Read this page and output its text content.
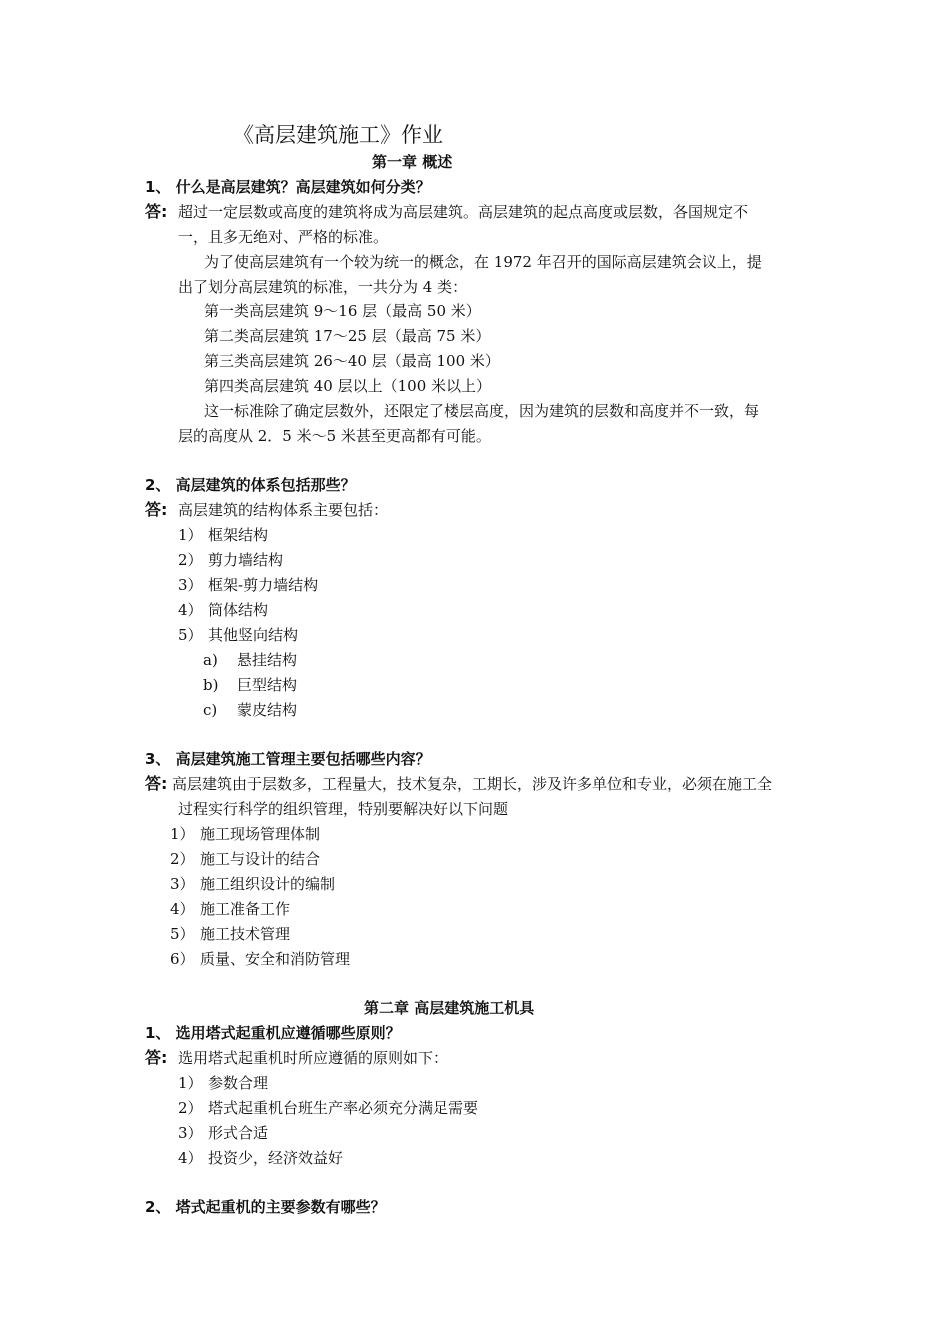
《高层建筑施工》作业
第一章 概述
1、 什么是高层建筑？高层建筑如何分类？
答: 超过一定层数或高度的建筑将成为高层建筑。高层建筑的起点高度或层数，各国规定不
一，且多无绝对、严格的标准。
为了使高层建筑有一个较为统一的概念，在 1972 年召开的国际高层建筑会议上，提
出了划分高层建筑的标准，一共分为 4 类：
第一类高层建筑 9～16 层（最高 50 米）
第二类高层建筑 17～25 层（最高 75 米）
第三类高层建筑 26～40 层（最高 100 米）
第四类高层建筑 40 层以上（100 米以上）
这一标准除了确定层数外，还限定了楼层高度，因为建筑的层数和高度并不一致，每
层的高度从 2．5 米～5 米甚至更高都有可能。
2、 高层建筑的体系包括那些？
答: 高层建筑的结构体系主要包括：
1） 框架结构
2） 剪力墙结构
3） 框架-剪力墙结构
4） 筒体结构
5） 其他竖向结构
a) 悬挂结构
b) 巨型结构
c) 蒙皮结构
3、 高层建筑施工管理主要包括哪些内容？
答: 高层建筑由于层数多，工程量大，技术复杂，工期长，涉及许多单位和专业，必须在施工全
过程实行科学的组织管理，特别要解决好以下问题
1） 施工现场管理体制
2） 施工与设计的结合
3） 施工组织设计的编制
4） 施工准备工作
5） 施工技术管理
6） 质量、安全和消防管理
第二章 高层建筑施工机具
1、 选用塔式起重机应遵循哪些原则？
答: 选用塔式起重机时所应遵循的原则如下：
1） 参数合理
2） 塔式起重机台班生产率必须充分满足需要
3） 形式合适
4） 投资少，经济效益好
2、 塔式起重机的主要参数有哪些？
